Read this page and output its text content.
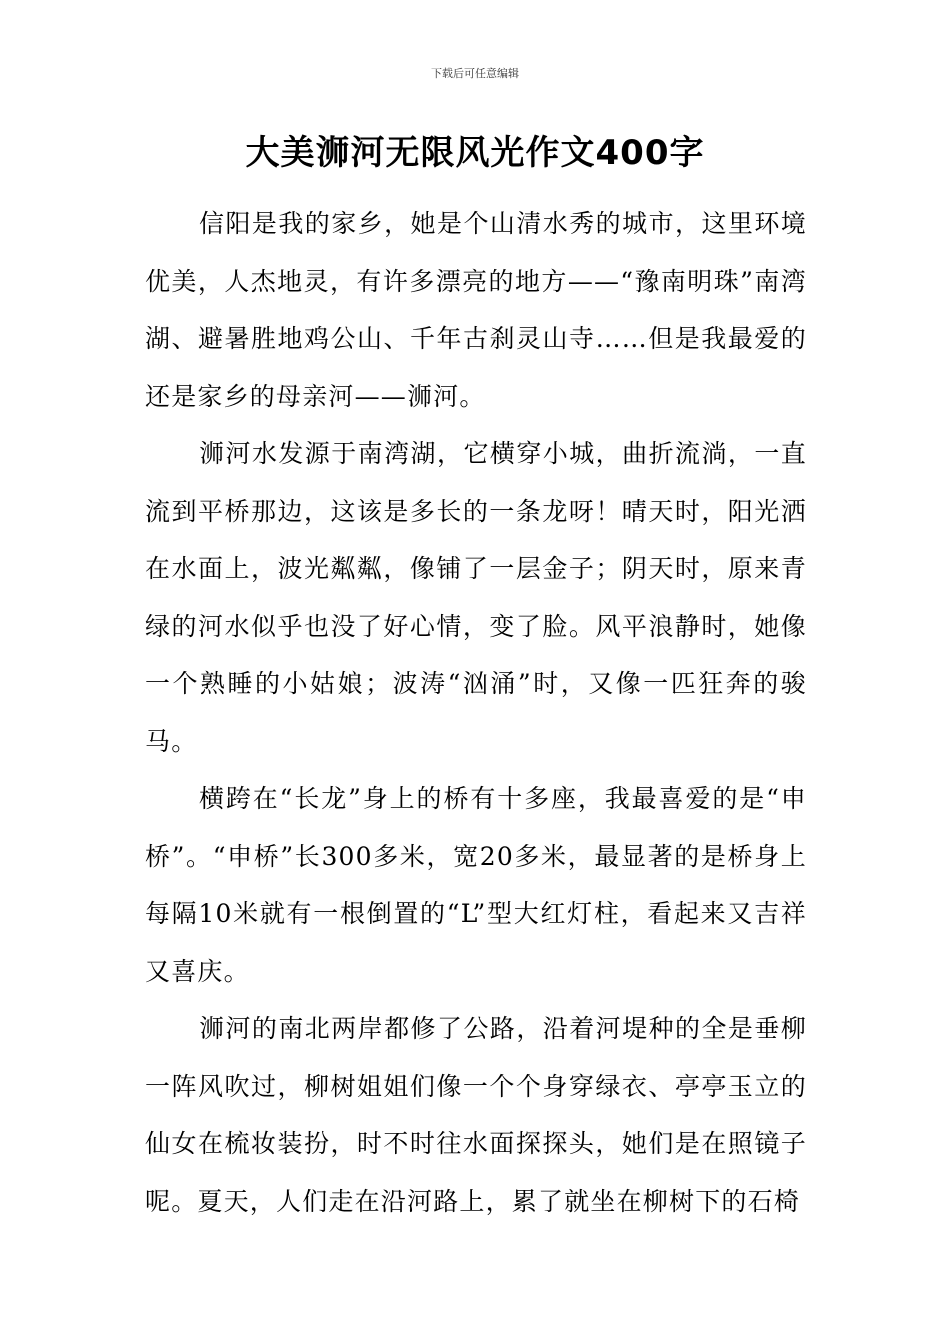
下载后可任意编辑
大美浉河无限风光作文400字

信阳是我的家乡，她是个山清水秀的城市，这里环境优美，人杰地灵，有许多漂亮的地方——“豫南明珠”南湾湖、避暑胜地鸡公山、千年古刹灵山寺……但是我最爱的还是家乡的母亲河——浉河。

浉河水发源于南湾湖，它横穿小城，曲折流淌，一直流到平桥那边，这该是多长的一条龙呀！晴天时，阳光洒在水面上，波光粼粼，像铺了一层金子；阴天时，原来青绿的河水似乎也没了好心情，变了脸。风平浪静时，她像一个熟睡的小姑娘；波涛“汹涌”时，又像一匹狂奔的骏马。

横跨在“长龙”身上的桥有十多座，我最喜爱的是“申桥”。“申桥”长300多米，宽20多米，最显著的是桥身上每隔10米就有一根倒置的“L”型大红灯柱，看起来又吉祥又喜庆。

浉河的南北两岸都修了公路，沿着河堤种的全是垂柳一阵风吹过，柳树姐姐们像一个个身穿绿衣、亭亭玉立的仙女在梳妆装扮，时不时往水面探探头，她们是在照镜子呢。夏天，人们走在沿河路上，累了就坐在柳树下的石椅
